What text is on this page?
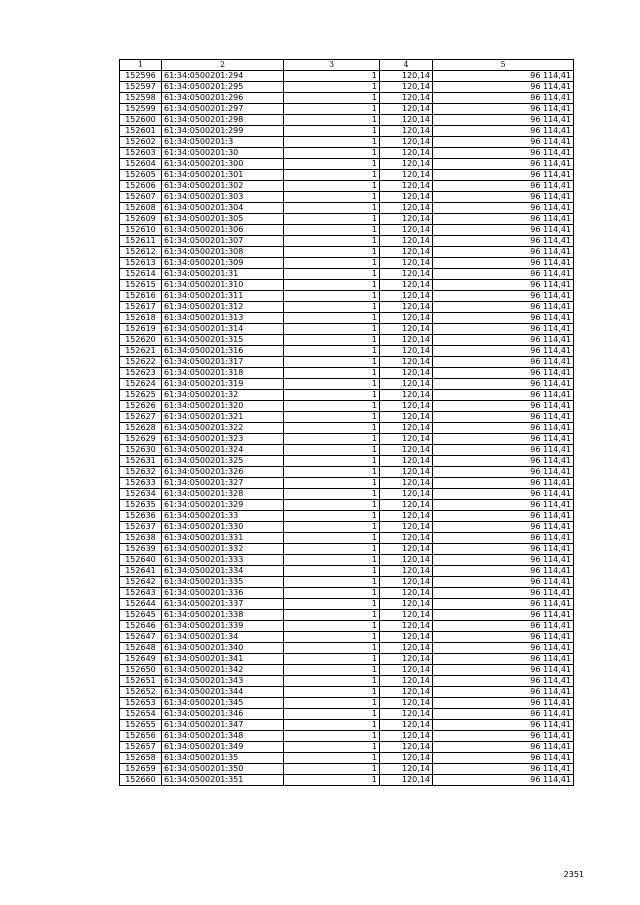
1	2	3	4	5
152596	61:34:0500201:294	1	120,14	96 114,41
152597	61:34:0500201:295	1	120,14	96 114,41
152598	61:34:0500201:296	1	120,14	96 114,41
152599	61:34:0500201:297	1	120,14	96 114,41
152600	61:34:0500201:298	1	120,14	96 114,41
152601	61:34:0500201:299	1	120,14	96 114,41
152602	61:34:0500201:3	1	120,14	96 114,41
152603	61:34:0500201:30	1	120,14	96 114,41
152604	61:34:0500201:300	1	120,14	96 114,41
152605	61:34:0500201:301	1	120,14	96 114,41
152606	61:34:0500201:302	1	120,14	96 114,41
152607	61:34:0500201:303	1	120,14	96 114,41
152608	61:34:0500201:304	1	120,14	96 114,41
152609	61:34:0500201:305	1	120,14	96 114,41
152610	61:34:0500201:306	1	120,14	96 114,41
152611	61:34:0500201:307	1	120,14	96 114,41
152612	61:34:0500201:308	1	120,14	96 114,41
152613	61:34:0500201:309	1	120,14	96 114,41
152614	61:34:0500201:31	1	120,14	96 114,41
152615	61:34:0500201:310	1	120,14	96 114,41
152616	61:34:0500201:311	1	120,14	96 114,41
152617	61:34:0500201:312	1	120,14	96 114,41
152618	61:34:0500201:313	1	120,14	96 114,41
152619	61:34:0500201:314	1	120,14	96 114,41
152620	61:34:0500201:315	1	120,14	96 114,41
152621	61:34:0500201:316	1	120,14	96 114,41
152622	61:34:0500201:317	1	120,14	96 114,41
152623	61:34:0500201:318	1	120,14	96 114,41
152624	61:34:0500201:319	1	120,14	96 114,41
152625	61:34:0500201:32	1	120,14	96 114,41
152626	61:34:0500201:320	1	120,14	96 114,41
152627	61:34:0500201:321	1	120,14	96 114,41
152628	61:34:0500201:322	1	120,14	96 114,41
152629	61:34:0500201:323	1	120,14	96 114,41
152630	61:34:0500201:324	1	120,14	96 114,41
152631	61:34:0500201:325	1	120,14	96 114,41
152632	61:34:0500201:326	1	120,14	96 114,41
152633	61:34:0500201:327	1	120,14	96 114,41
152634	61:34:0500201:328	1	120,14	96 114,41
152635	61:34:0500201:329	1	120,14	96 114,41
152636	61:34:0500201:33	1	120,14	96 114,41
152637	61:34:0500201:330	1	120,14	96 114,41
152638	61:34:0500201:331	1	120,14	96 114,41
152639	61:34:0500201:332	1	120,14	96 114,41
152640	61:34:0500201:333	1	120,14	96 114,41
152641	61:34:0500201:334	1	120,14	96 114,41
152642	61:34:0500201:335	1	120,14	96 114,41
152643	61:34:0500201:336	1	120,14	96 114,41
152644	61:34:0500201:337	1	120,14	96 114,41
152645	61:34:0500201:338	1	120,14	96 114,41
152646	61:34:0500201:339	1	120,14	96 114,41
152647	61:34:0500201:34	1	120,14	96 114,41
152648	61:34:0500201:340	1	120,14	96 114,41
152649	61:34:0500201:341	1	120,14	96 114,41
152650	61:34:0500201:342	1	120,14	96 114,41
152651	61:34:0500201:343	1	120,14	96 114,41
152652	61:34:0500201:344	1	120,14	96 114,41
152653	61:34:0500201:345	1	120,14	96 114,41
152654	61:34:0500201:346	1	120,14	96 114,41
152655	61:34:0500201:347	1	120,14	96 114,41
152656	61:34:0500201:348	1	120,14	96 114,41
152657	61:34:0500201:349	1	120,14	96 114,41
152658	61:34:0500201:35	1	120,14	96 114,41
152659	61:34:0500201:350	1	120,14	96 114,41
152660	61:34:0500201:351	1	120,14	96 114,41
2351
